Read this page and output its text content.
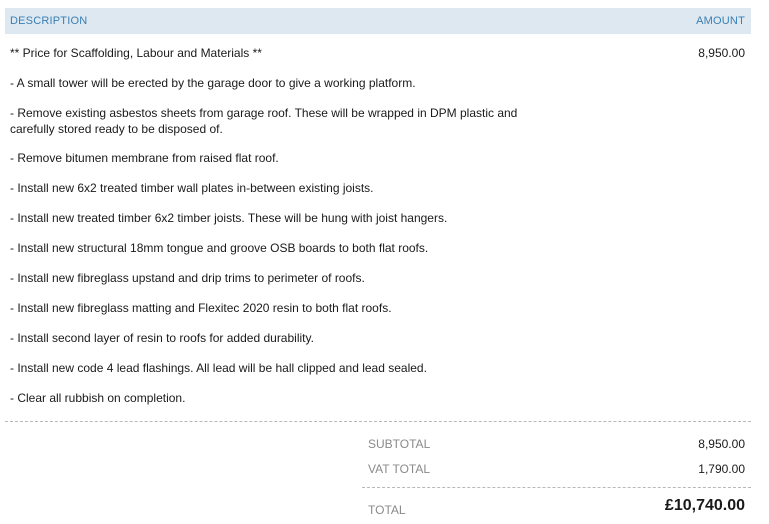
DESCRIPTION	AMOUNT
** Price for Scaffolding, Labour and Materials **	8,950.00
- A small tower will be erected by the garage door to give a working platform.
- Remove existing asbestos sheets from garage roof. These will be wrapped in DPM plastic and carefully stored ready to be disposed of.
- Remove bitumen membrane from raised flat roof.
- Install new 6x2 treated timber wall plates in-between existing joists.
- Install new treated timber 6x2 timber joists. These will be hung with joist hangers.
- Install new structural 18mm tongue and groove OSB boards to both flat roofs.
- Install new fibreglass upstand and drip trims to perimeter of roofs.
- Install new fibreglass matting and Flexitec 2020 resin to both flat roofs.
- Install second layer of resin to roofs for added durability.
- Install new code 4 lead flashings. All lead will be hall clipped and lead sealed.
- Clear all rubbish on completion.
SUBTOTAL	8,950.00
VAT TOTAL	1,790.00
TOTAL	£10,740.00
